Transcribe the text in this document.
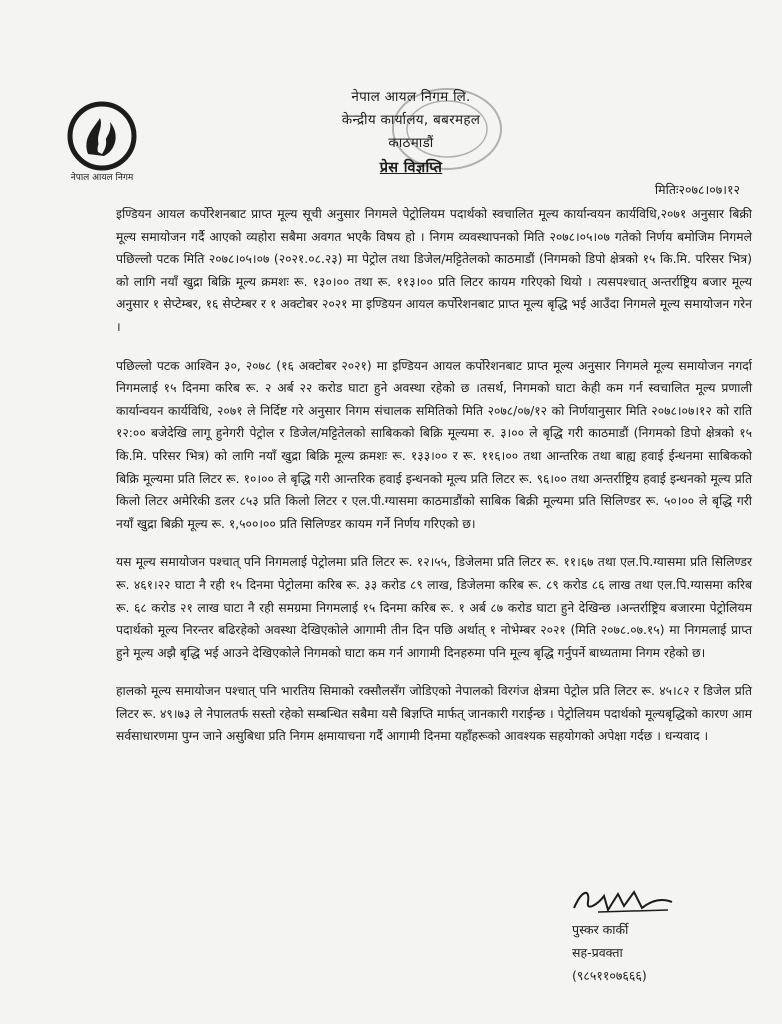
नेपाल आयल निगम
नेपाल आयल निगम लि.
केन्द्रीय कार्यालय, बबरमहल
काठमाडौं
प्रेस विज्ञप्ति
मितिः२०७८।०७।१२

इण्डियन आयल कर्पोरेशनबाट प्राप्त मूल्य सूची अनुसार निगमले पेट्रोलियम पदार्थको स्वचालित मूल्य कार्यान्वयन कार्यविधि,२०७१ अनुसार बिक्री मूल्य समायोजन गर्दै आएको व्यहोरा सबैमा अवगत भएकै विषय हो । निगम व्यवस्थापनको मिति २०७८।०५।०७ गतेको निर्णय बमोजिम निगमले पछिल्लो पटक मिति २०७८।०५।०७ (२०२१.०८.२३) मा पेट्रोल तथा डिजेल/मट्टितेलको काठमाडौं (निगमको डिपो क्षेत्रको १५ कि.मि. परिसर भित्र) को लागि नयाँ खुद्रा बिक्रि मूल्य क्रमशः रू. १३०।०० तथा रू. ११३।०० प्रति लिटर कायम गरिएको थियो । त्यसपश्चात् अन्तर्राष्ट्रिय बजार मूल्य अनुसार १ सेप्टेम्बर, १६ सेप्टेम्बर र १ अक्टोबर २०२१ मा इण्डियन आयल कर्पोरेशनबाट प्राप्त मूल्य बृद्धि भई आउँदा निगमले मूल्य समायोजन गरेन ।

पछिल्लो पटक आश्विन ३०, २०७८ (१६ अक्टोबर २०२१) मा इण्डियन आयल कर्पोरेशनबाट प्राप्त मूल्य अनुसार निगमले मूल्य समायोजन नगर्दा निगमलाई १५ दिनमा करिब रू. २ अर्ब २२ करोड घाटा हुने अवस्था रहेको छ ।तसर्थ, निगमको घाटा केही कम गर्न स्वचालित मूल्य प्रणाली कार्यान्वयन कार्यविधि, २०७१ ले निर्दिष्ट गरे अनुसार निगम संचालक समितिको मिति २०७८/०७/१२ को निर्णयानुसार मिति २०७८।०७।१२ को राति १२:०० बजेदेखि लागू हुनेगरी पेट्रोल र डिजेल/मट्टितेलको साबिकको बिक्रि मूल्यमा रु. ३।०० ले बृद्धि गरी काठमाडौं (निगमको डिपो क्षेत्रको १५ कि.मि. परिसर भित्र) को लागि नयाँ खुद्रा बिक्रि मूल्य क्रमशः रू. १३३।०० र रू. ११६।०० तथा आन्तरिक तथा बाह्य हवाई ईन्धनमा साबिकको बिक्रि मूल्यमा प्रति लिटर रू. १०।०० ले बृद्धि गरी आन्तरिक हवाई इन्धनको मूल्य प्रति लिटर रू. ९६।०० तथा अन्तर्राष्ट्रिय हवाई इन्धनको मूल्य प्रति किलो लिटर अमेरिकी डलर ८५३ प्रति किलो लिटर र एल.पी.ग्यासमा काठमाडौंको साबिक बिक्री मूल्यमा प्रति सिलिण्डर रू. ५०।०० ले बृद्धि गरी नयाँ खुद्रा बिक्री मूल्य रू. १,५००।०० प्रति सिलिण्डर कायम गर्ने निर्णय गरिएको छ।

यस मूल्य समायोजन पश्चात् पनि निगमलाई पेट्रोलमा प्रति लिटर रू. १२।५५, डिजेलमा प्रति लिटर रू. ११।६७ तथा एल.पि.ग्यासमा प्रति सिलिण्डर रू. ४६१।२२ घाटा नै रही १५ दिनमा पेट्रोलमा करिब रू. ३३ करोड ८९ लाख, डिजेलमा करिब रू. ८९ करोड ८६ लाख तथा एल.पि.ग्यासमा करिब रू. ६८ करोड २१ लाख घाटा नै रही समग्रमा निगमलाई १५ दिनमा करिब रू. १ अर्ब ८७ करोड घाटा हुने देखिन्छ ।अन्तर्राष्ट्रिय बजारमा पेट्रोलियम पदार्थको मूल्य निरन्तर बढिरहेको अवस्था देखिएकोले आगामी तीन दिन पछि अर्थात् १ नोभेम्बर २०२१ (मिति २०७८.०७.१५) मा निगमलाई प्राप्त हुने मूल्य अझै बृद्धि भई आउने देखिएकोले निगमको घाटा कम गर्न आगामी दिनहरुमा पनि मूल्य बृद्धि गर्नुपर्ने बाध्यतामा निगम रहेको छ।

हालको मूल्य समायोजन पश्चात् पनि भारतिय सिमाको रक्सौलसँग जोडिएको नेपालको विरगंज क्षेत्रमा पेट्रोल प्रति लिटर रू. ४५।८२ र डिजेल प्रति लिटर रू. ४९।७३ ले नेपालतर्फ सस्तो रहेको सम्बन्धित सबैमा यसै बिज्ञप्ति मार्फत् जानकारी गराईन्छ । पेट्रोलियम पदार्थको मूल्यबृद्धिको कारण आम सर्वसाधारणमा पुग्न जाने असुबिधा प्रति निगम क्षमायाचना गर्दै आगामी दिनमा यहाँहरूको आवश्यक सहयोगको अपेक्षा गर्दछ । धन्यवाद ।

पुस्कर कार्की
सह-प्रवक्ता
(९८५११०७६६६)
